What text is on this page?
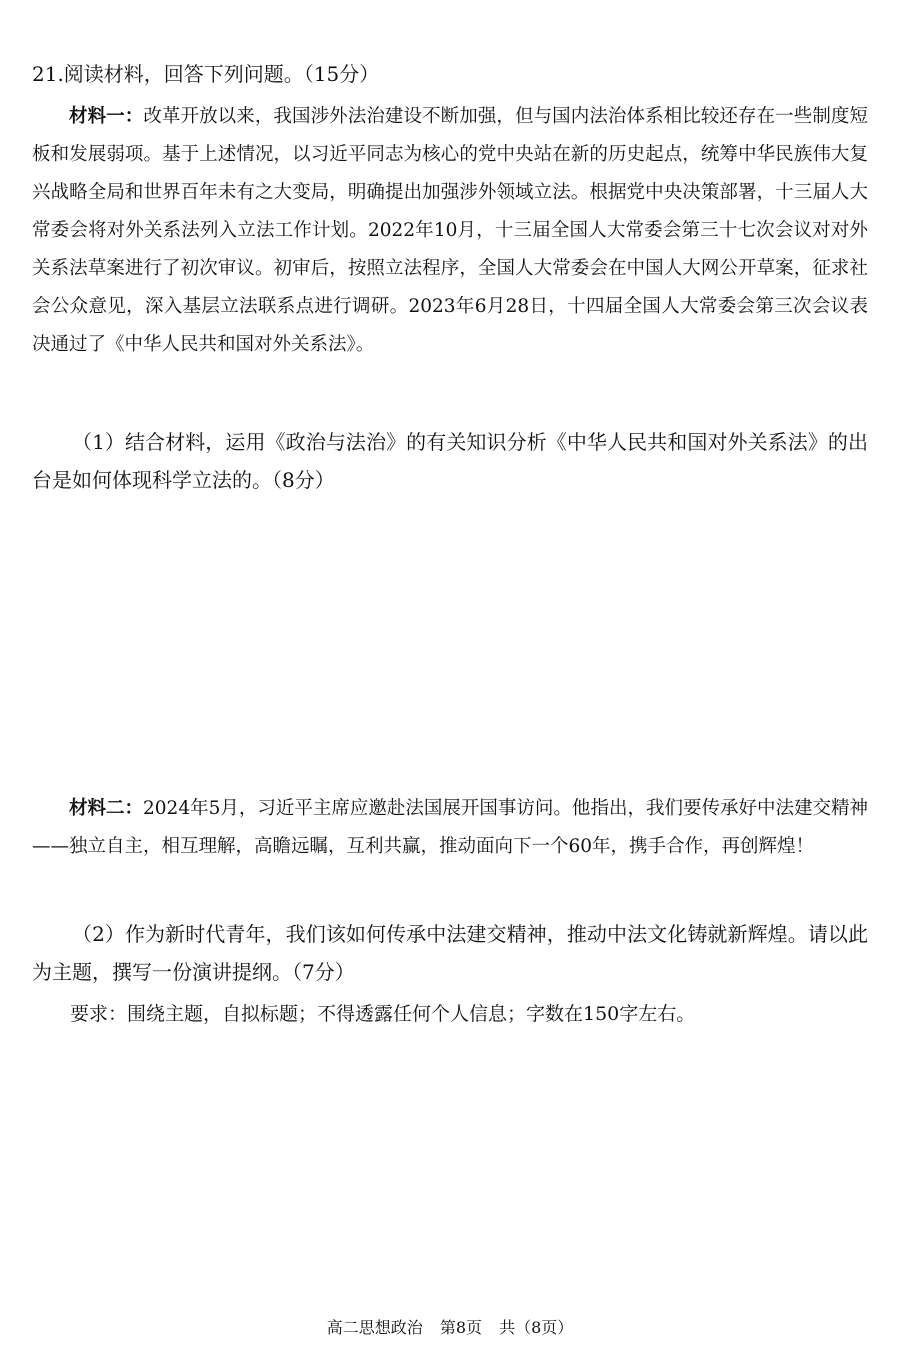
21.阅读材料，回答下列问题。（15分）
材料一：改革开放以来，我国涉外法治建设不断加强，但与国内法治体系相比较还存在一些制度短板和发展弱项。基于上述情况，以习近平同志为核心的党中央站在新的历史起点，统筹中华民族伟大复兴战略全局和世界百年未有之大变局，明确提出加强涉外领域立法。根据党中央决策部署，十三届人大常委会将对外关系法列入立法工作计划。2022年10月，十三届全国人大常委会第三十七次会议对对外关系法草案进行了初次审议。初审后，按照立法程序，全国人大常委会在中国人大网公开草案，征求社会公众意见，深入基层立法联系点进行调研。2023年6月28日，十四届全国人大常委会第三次会议表决通过了《中华人民共和国对外关系法》。
（1）结合材料，运用《政治与法治》的有关知识分析《中华人民共和国对外关系法》的出台是如何体现科学立法的。（8分）
材料二：2024年5月，习近平主席应邀赴法国展开国事访问。他指出，我们要传承好中法建交精神——独立自主，相互理解，高瞻远瞩，互利共赢，推动面向下一个60年，携手合作，再创辉煌！
（2）作为新时代青年，我们该如何传承中法建交精神，推动中法文化铸就新辉煌。请以此为主题，撰写一份演讲提纲。（7分）
要求：围绕主题，自拟标题；不得透露任何个人信息；字数在150字左右。
高二思想政治 第8页 共（8页）
